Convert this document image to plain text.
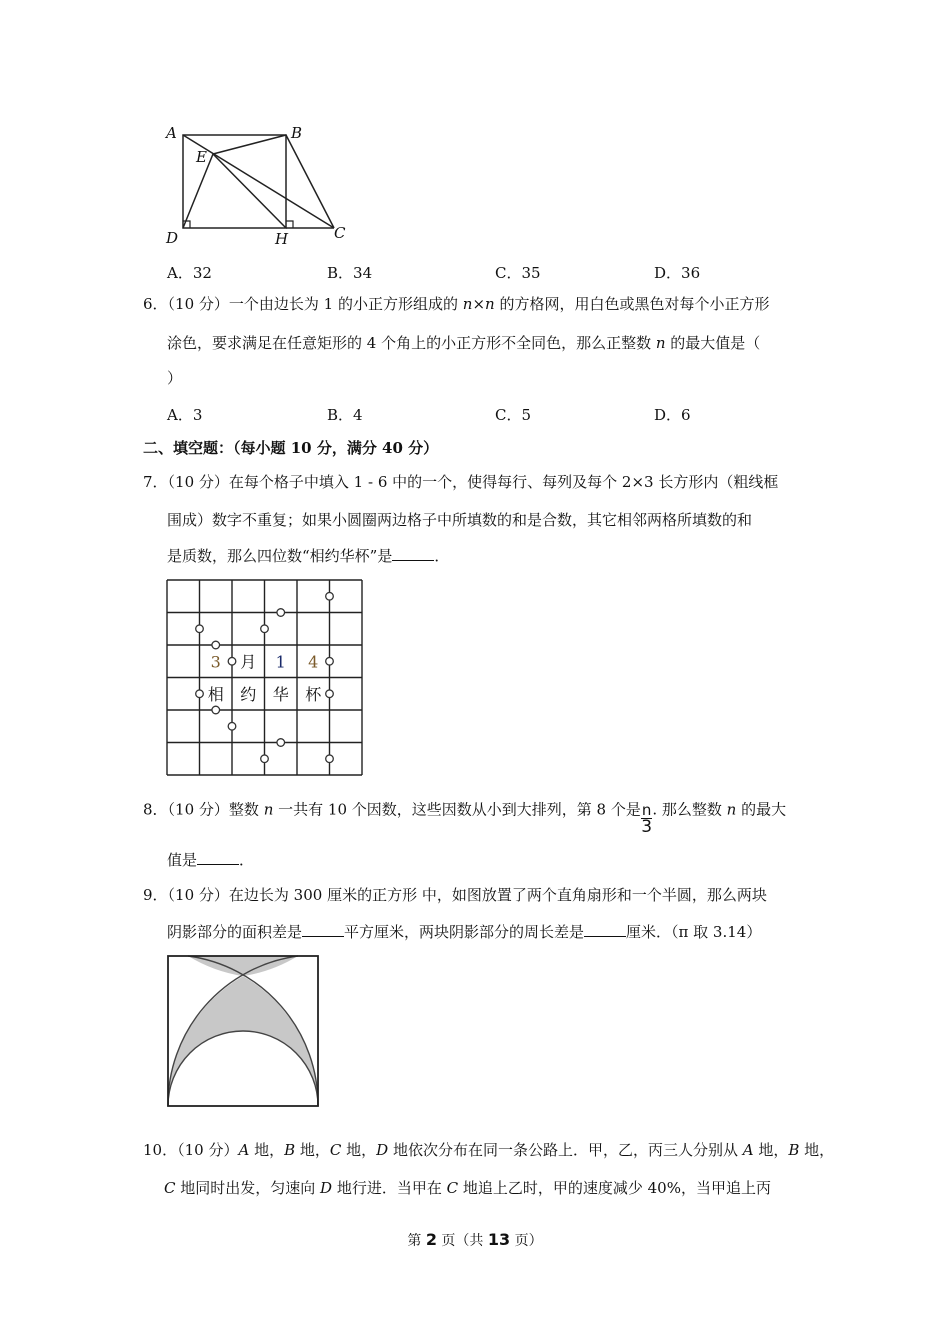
A	B
E
D	H	C
A．32	B．34	C．35	D．36
6．（10 分）一个由边长为 1 的小正方形组成的 n×n 的方格网，用白色或黑色对每个小正方形
涂色，要求满足在任意矩形的 4 个角上的小正方形不全同色，那么正整数 n 的最大值是（
）
A．3	B．4	C．5	D．6
二、填空题：（每小题 10 分，满分 40 分）
7．（10 分）在每个格子中填入 1 - 6 中的一个，使得每行、每列及每个 2×3 长方形内（粗线框
围成）数字不重复；如果小圆圈两边格子中所填数的和是合数，其它相邻两格所填数的和
是质数，那么四位数“相约华杯”是	．
3 月 1 4
相 约 华 杯
8．（10 分）整数 n 一共有 10 个因数，这些因数从小到大排列，第 8 个是 $\frac{n}{3}$ . 那么整数 n 的最大
值是	．
9．（10 分）在边长为 300 厘米的正方形 中，如图放置了两个直角扇形和一个半圆，那么两块
阴影部分的面积差是	平方厘米，两块阴影部分的周长差是	厘米．（π 取 3.14）
10．（10 分）A 地，B 地，C 地，D 地依次分布在同一条公路上．甲，乙，丙三人分别从 A 地，B 地，
C 地同时出发，匀速向 D 地行进．当甲在 C 地追上乙时，甲的速度减少 40%，当甲追上丙
第 2 页（共 13 页）
